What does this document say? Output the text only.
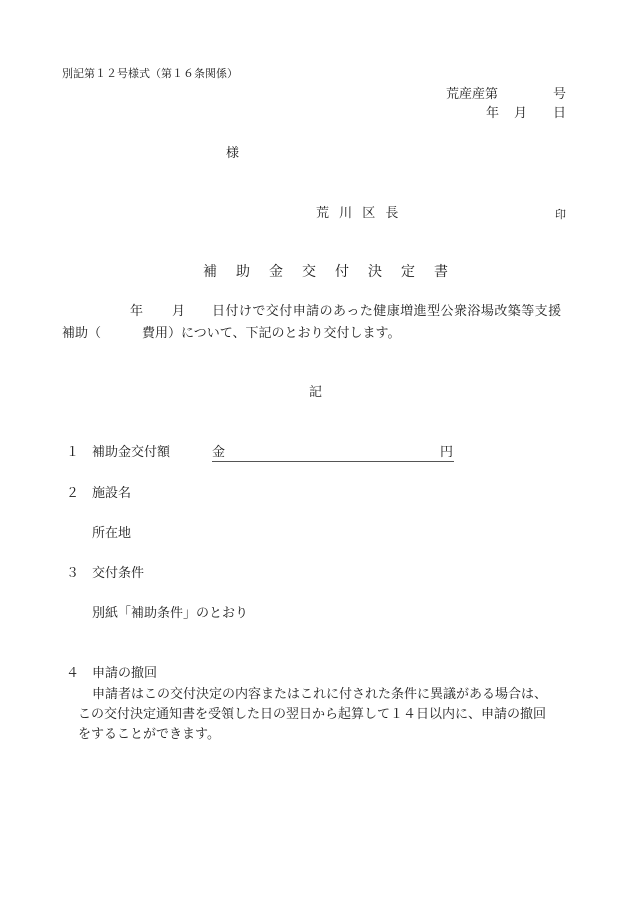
別記第１２号様式（第１６条関係）
荒産産第	号
年 月 日
様
荒 川 区 長	印
補助金交付決定書
年 月 日付けで交付申請のあった健康増進型公衆浴場改築等支援
補助（	費用）について、下記のとおり交付します。
記
１ 補助金交付額	金	円
２ 施設名
所在地
３ 交付条件
別紙「補助条件」のとおり
４ 申請の撤回
申請者はこの交付決定の内容またはこれに付された条件に異議がある場合は、
この交付決定通知書を受領した日の翌日から起算して１４日以内に、申請の撤回
をすることができます。
